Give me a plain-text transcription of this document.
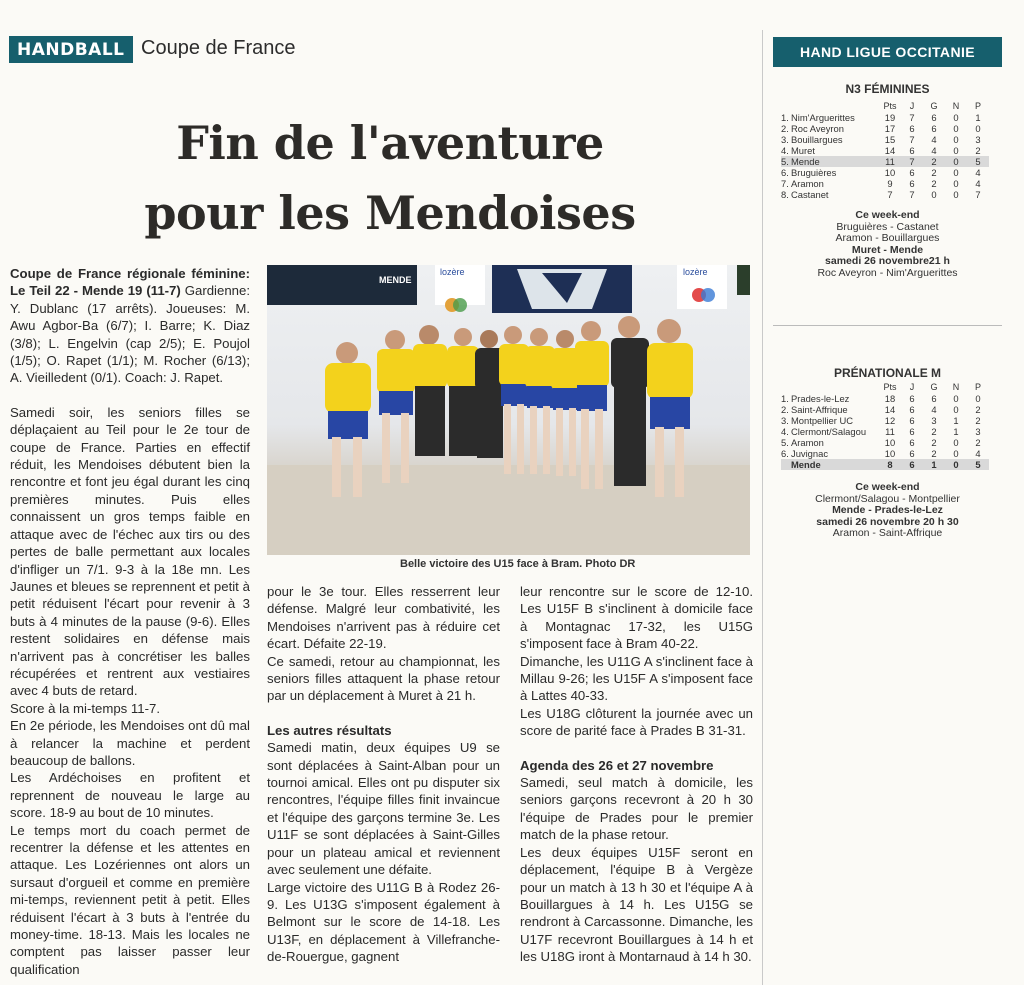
HANDBALL Coupe de France
Fin de l'aventure
pour les Mendoises

Coupe de France régionale féminine: Le Teil 22 - Mende 19 (11-7) Gardienne: Y. Dublanc (17 arrêts). Joueuses: M. Awu Agbor-Ba (6/7); I. Barre; K. Diaz (3/8); L. Engelvin (cap 2/5); E. Poujol (1/5); O. Rapet (1/1); M. Rocher (6/13); A. Vieilledent (0/1). Coach: J. Rapet.

Samedi soir, les seniors filles se déplaçaient au Teil pour le 2e tour de coupe de France. Parties en effectif réduit, les Mendoises débutent bien la rencontre et font jeu égal durant les cinq premières minutes. Puis elles connaissent un gros temps faible en attaque avec de l'échec aux tirs ou des pertes de balle permettant aux locales d'infliger un 7/1. 9-3 à la 18e mn. Les Jaunes et bleues se reprennent et petit à petit réduisent l'écart pour revenir à 3 buts à 4 minutes de la pause (9-6). Elles restent solidaires en défense mais n'arrivent pas à concrétiser les balles récupérées et rentrent aux vestiaires avec 4 buts de retard.

Score à la mi-temps 11-7.

En 2e période, les Mendoises ont dû mal à relancer la machine et perdent beaucoup de ballons.

Les Ardéchoises en profitent et reprennent de nouveau le large au score. 18-9 au bout de 10 minutes.

Le temps mort du coach permet de recentrer la défense et les attentes en attaque. Les Lozériennes ont alors un sursaut d'orgueil et comme en première mi-temps, reviennent petit à petit. Elles réduisent l'écart à 3 buts à l'entrée du money-time. 18-13. Mais les locales ne comptent pas laisser passer leur qualification

MENDE
lozère	lozère
Belle victoire des U15 face à Bram. Photo DR

pour le 3e tour. Elles resserrent leur défense. Malgré leur combativité, les Mendoises n'arrivent pas à réduire cet écart. Défaite 22-19.

Ce samedi, retour au championnat, les seniors filles attaquent la phase retour par un déplacement à Muret à 21 h.

Les autres résultats

Samedi matin, deux équipes U9 se sont déplacées à Saint-Alban pour un tournoi amical. Elles ont pu disputer six rencontres, l'équipe filles finit invaincue et l'équipe des garçons termine 3e. Les U11F se sont déplacées à Saint-Gilles pour un plateau amical et reviennent avec seulement une défaite.

Large victoire des U11G B à Rodez 26-9. Les U13G s'imposent également à Belmont sur le score de 14-18. Les U13F, en déplacement à Villefranche-de-Rouergue, gagnent

leur rencontre sur le score de 12-10. Les U15F B s'inclinent à domicile face à Montagnac 17-32, les U15G s'imposent face à Bram 40-22.

Dimanche, les U11G A s'inclinent face à Millau 9-26; les U15F A s'imposent face à Lattes 40-33.

Les U18G clôturent la journée avec un score de parité face à Prades B 31-31.

Agenda des 26 et 27 novembre

Samedi, seul match à domicile, les seniors garçons recevront à 20 h 30 l'équipe de Prades pour le premier match de la phase retour.

Les deux équipes U15F seront en déplacement, l'équipe B à Vergèze pour un match à 13 h 30 et l'équipe A à Bouillargues à 14 h. Les U15G se rendront à Carcassonne. Dimanche, les U17F recevront Bouillargues à 14 h et les U18G iront à Montarnaud à 14 h 30.

HAND LIGUE OCCITANIE
N3 FÉMININES
		Pts	J	G	N	P
1.	Nim'Arguerittes	19	7	6	0	1
2.	Roc Aveyron	17	6	6	0	0
3.	Bouillargues	15	7	4	0	3
4.	Muret	14	6	4	0	2
5.	Mende	11	7	2	0	5
6.	Bruguières	10	6	2	0	4
7.	Aramon	9	6	2	0	4
8.	Castanet	7	7	0	0	7
Ce week-end
Bruguières - Castanet
Aramon - Bouillargues
Muret - Mende
samedi 26 novembre21 h
Roc Aveyron - Nim'Arguerittes
PRÉNATIONALE M
		Pts	J	G	N	P
1.	Prades-le-Lez	18	6	6	0	0
2.	Saint-Affrique	14	6	4	0	2
3.	Montpellier UC	12	6	3	1	2
4.	Clermont/Salagou	11	6	2	1	3
5.	Aramon	10	6	2	0	2
6.	Juvignac	10	6	2	0	4
	Mende	8	6	1	0	5
Ce week-end
Clermont/Salagou - Montpellier
Mende - Prades-le-Lez
samedi 26 novembre 20 h 30
Aramon - Saint-Affrique
